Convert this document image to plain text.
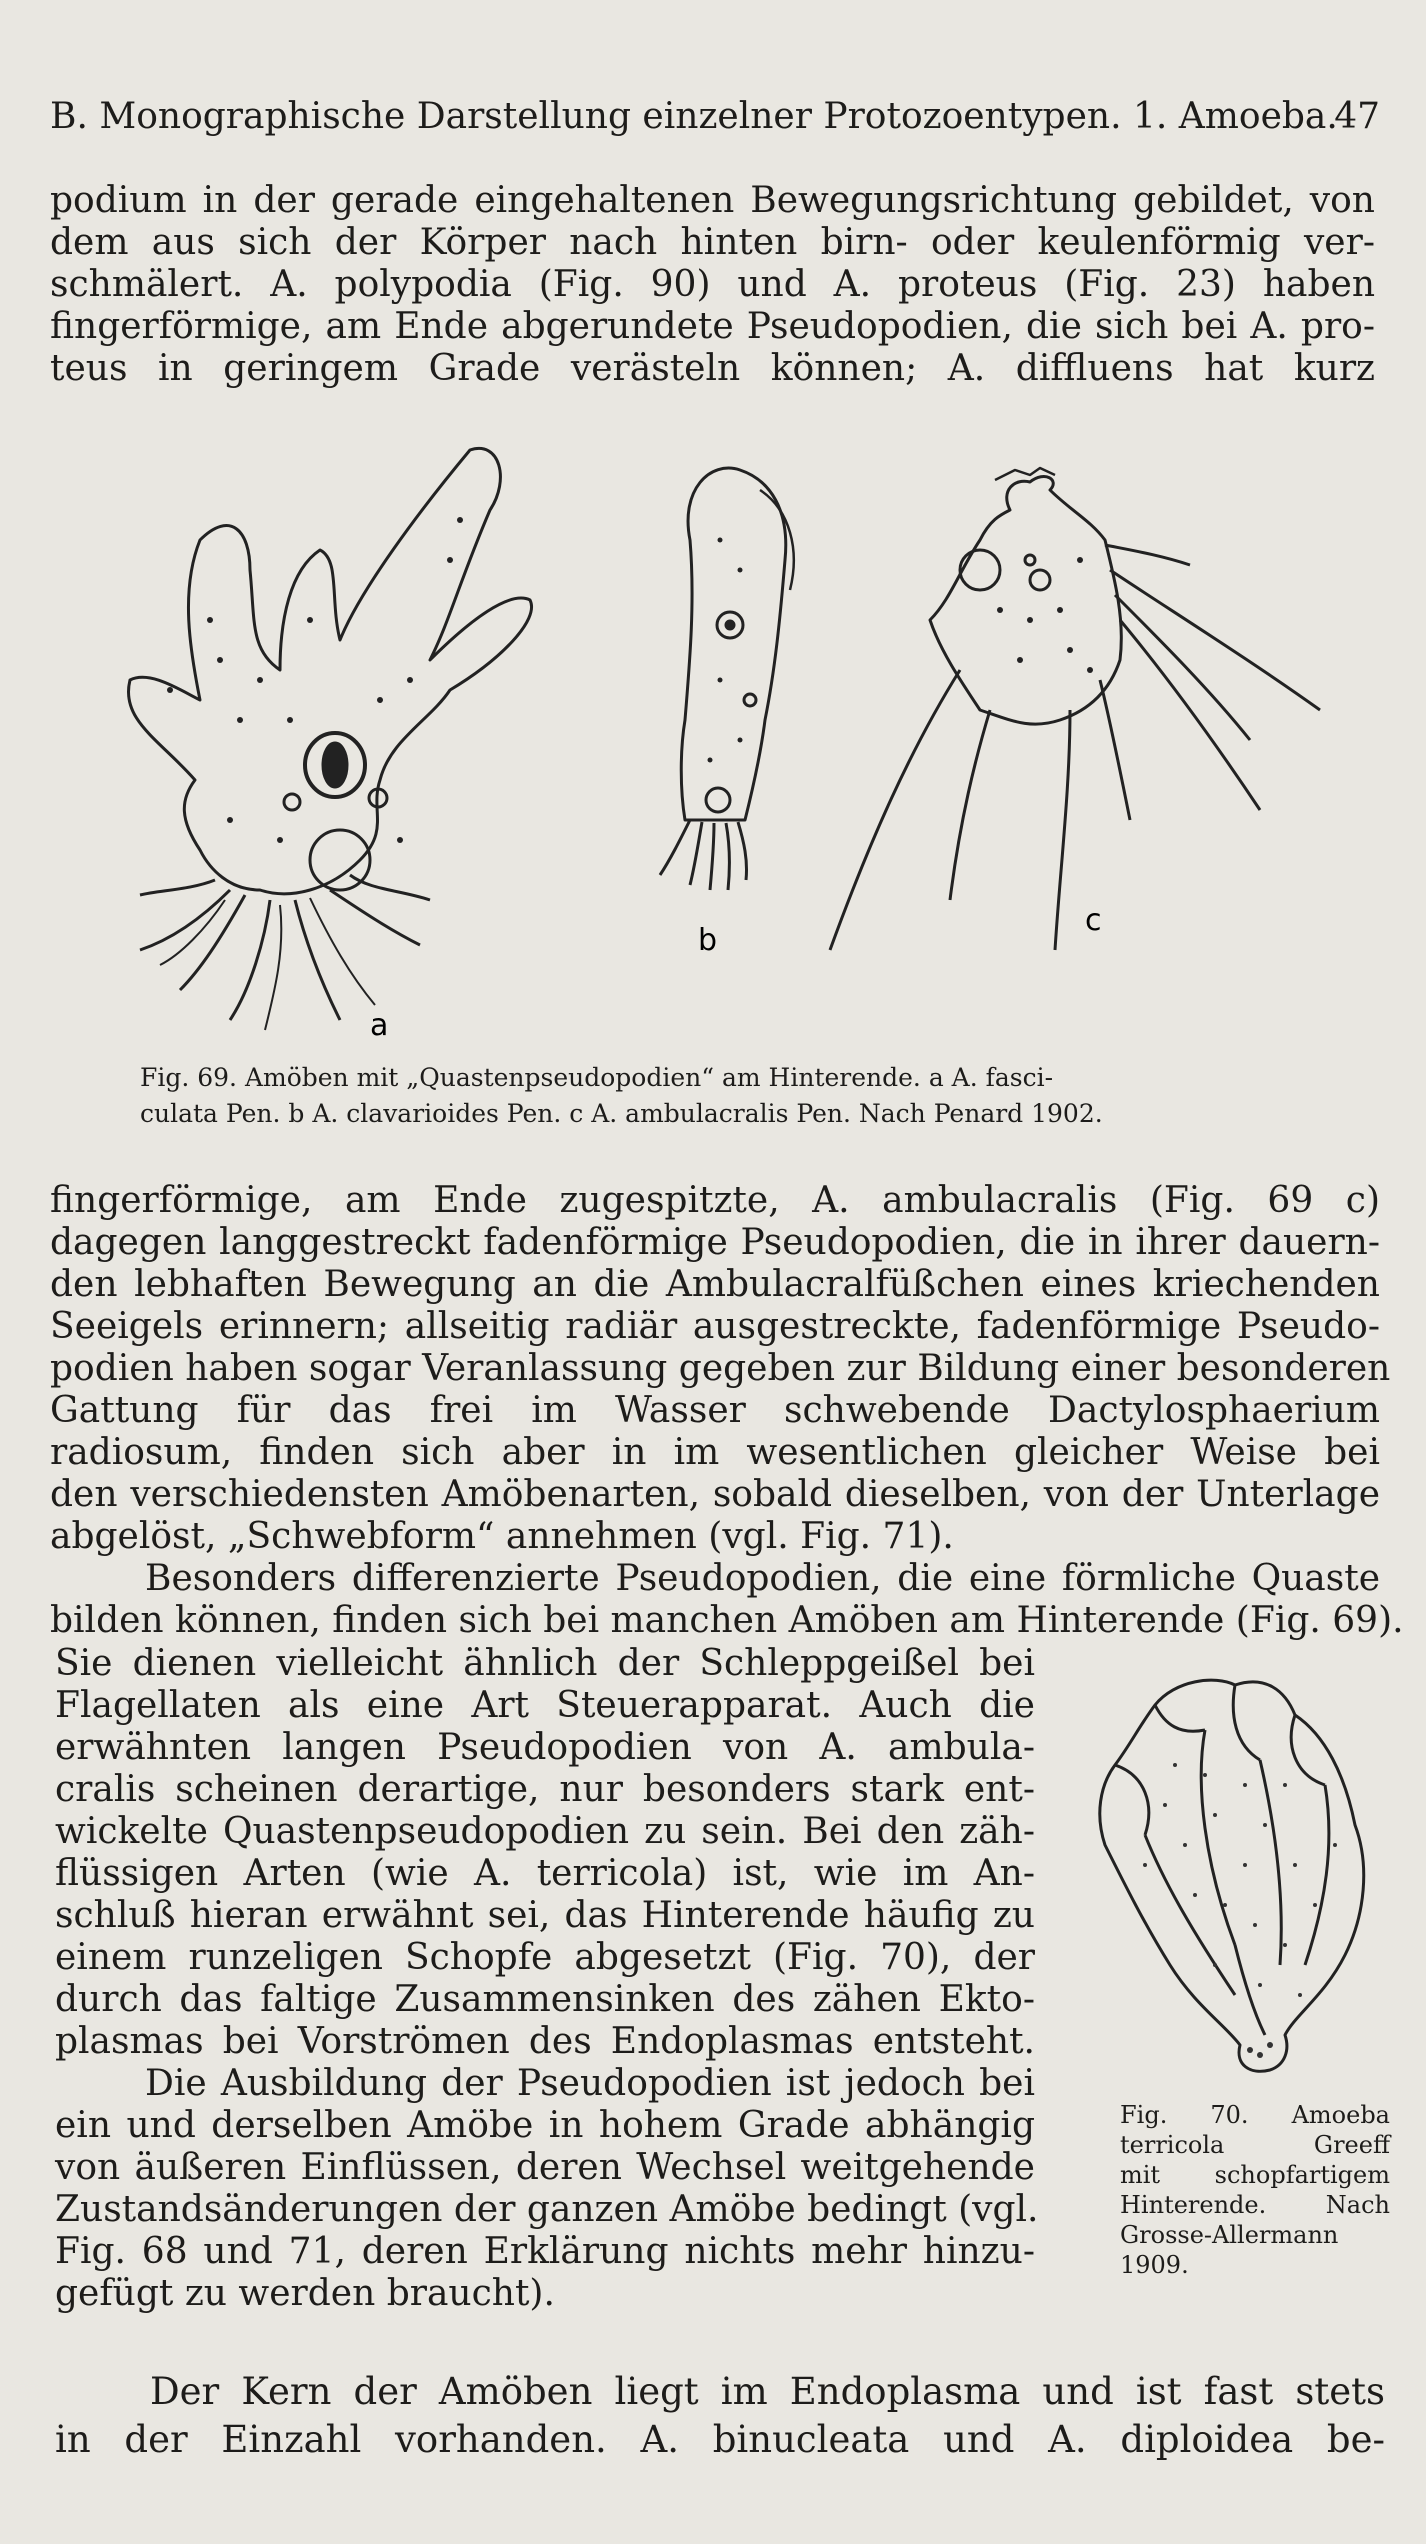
B. Monographische Darstellung einzelner Protozoentypen. 1. Amoeba.
47
podium in der gerade eingehaltenen Bewegungsrichtung gebildet, von
dem aus sich der Körper nach hinten birn- oder keulenförmig ver-
schmälert. A. polypodia (Fig. 90) und A. proteus (Fig. 23) haben
fingerförmige, am Ende abgerundete Pseudopodien, die sich bei A. pro-
teus in geringem Grade verästeln können; A. diffluens hat kurz
a
b
c
Fig. 69. Amöben mit „Quastenpseudopodien“ am Hinterende. a A. fasci-
culata Pen. b A. clavarioides Pen. c A. ambulacralis Pen. Nach Penard 1902.
fingerförmige, am Ende zugespitzte, A. ambulacralis (Fig. 69 c)
dagegen langgestreckt fadenförmige Pseudopodien, die in ihrer dauern-
den lebhaften Bewegung an die Ambulacralfüßchen eines kriechenden
Seeigels erinnern; allseitig radiär ausgestreckte, fadenförmige Pseudo-
podien haben sogar Veranlassung gegeben zur Bildung einer besonderen
Gattung für das frei im Wasser schwebende Dactylosphaerium
radiosum, finden sich aber in im wesentlichen gleicher Weise bei
den verschiedensten Amöbenarten, sobald dieselben, von der Unterlage
abgelöst, „Schwebform“ annehmen (vgl. Fig. 71).
Besonders differenzierte Pseudopodien, die eine förmliche Quaste
bilden können, finden sich bei manchen Amöben am Hinterende (Fig. 69).
Sie dienen vielleicht ähnlich der Schleppgeißel bei
Flagellaten als eine Art Steuerapparat. Auch die
erwähnten langen Pseudopodien von A. ambula-
cralis scheinen derartige, nur besonders stark ent-
wickelte Quastenpseudopodien zu sein. Bei den zäh-
flüssigen Arten (wie A. terricola) ist, wie im An-
schluß hieran erwähnt sei, das Hinterende häufig zu
einem runzeligen Schopfe abgesetzt (Fig. 70), der
durch das faltige Zusammensinken des zähen Ekto-
plasmas bei Vorströmen des Endoplasmas entsteht.
Die Ausbildung der Pseudopodien ist jedoch bei
ein und derselben Amöbe in hohem Grade abhängig
von äußeren Einflüssen, deren Wechsel weitgehende
Zustandsänderungen der ganzen Amöbe bedingt (vgl.
Fig. 68 und 71, deren Erklärung nichts mehr hinzu-
gefügt zu werden braucht).
Fig. 70. Amoeba
terricola Greeff
mit schopfartigem
Hinterende. Nach
Grosse-Allermann
1909.
Der Kern der Amöben liegt im Endoplasma und ist fast stets
in der Einzahl vorhanden. A. binucleata und A. diploidea be-
